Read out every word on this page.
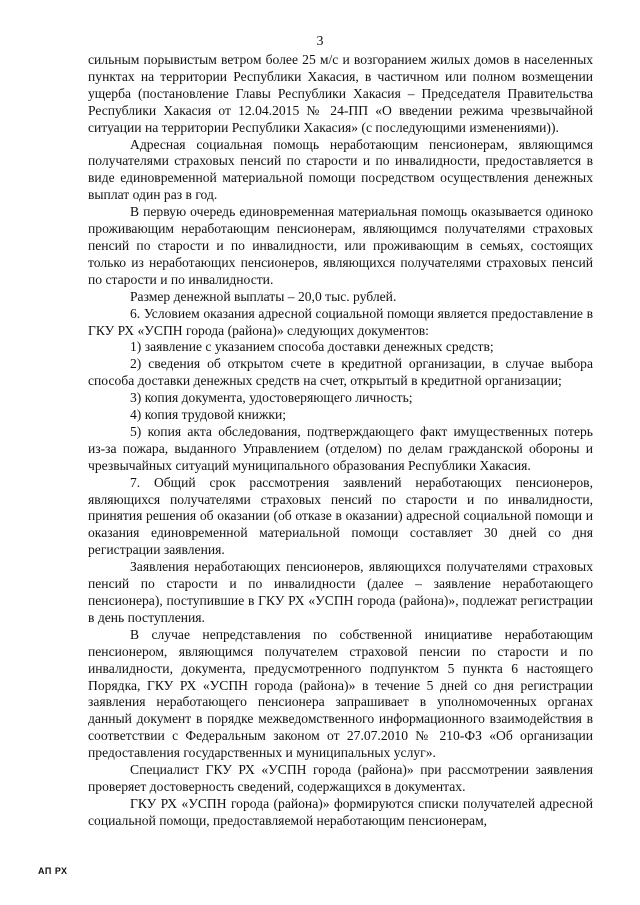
3

сильным порывистым ветром более 25 м/с и возгоранием жилых домов в населенных пунктах на территории Республики Хакасия, в частичном или полном возмещении ущерба (постановление Главы Республики Хакасия – Председателя Правительства Республики Хакасия от 12.04.2015 № 24-ПП «О введении режима чрезвычайной ситуации на территории Республики Хакасия» (с последующими изменениями)).

Адресная социальная помощь неработающим пенсионерам, являющимся получателями страховых пенсий по старости и по инвалидности, предоставляется в виде единовременной материальной помощи посредством осуществления денежных выплат один раз в год.

В первую очередь единовременная материальная помощь оказывается одиноко проживающим неработающим пенсионерам, являющимся получателями страховых пенсий по старости и по инвалидности, или проживающим в семьях, состоящих только из неработающих пенсионеров, являющихся получателями страховых пенсий по старости и по инвалидности.

Размер денежной выплаты – 20,0 тыс. рублей.

6. Условием оказания адресной социальной помощи является предоставление в ГКУ РХ «УСПН города (района)» следующих документов:

1) заявление с указанием способа доставки денежных средств;

2) сведения об открытом счете в кредитной организации, в случае выбора способа доставки денежных средств на счет, открытый в кредитной организации;

3) копия документа, удостоверяющего личность;

4) копия трудовой книжки;

5) копия акта обследования, подтверждающего факт имущественных потерь из-за пожара, выданного Управлением (отделом) по делам гражданской обороны и чрезвычайных ситуаций муниципального образования Республики Хакасия.

7. Общий срок рассмотрения заявлений неработающих пенсионеров, являющихся получателями страховых пенсий по старости и по инвалидности, принятия решения об оказании (об отказе в оказании) адресной социальной помощи и оказания единовременной материальной помощи составляет 30 дней со дня регистрации заявления.

Заявления неработающих пенсионеров, являющихся получателями страховых пенсий по старости и по инвалидности (далее – заявление неработающего пенсионера), поступившие в ГКУ РХ «УСПН города (района)», подлежат регистрации в день поступления.

В случае непредставления по собственной инициативе неработающим пенсионером, являющимся получателем страховой пенсии по старости и по инвалидности, документа, предусмотренного подпунктом 5 пункта 6 настоящего Порядка, ГКУ РХ «УСПН города (района)» в течение 5 дней со дня регистрации заявления неработающего пенсионера запрашивает в уполномоченных органах данный документ в порядке межведомственного информационного взаимодействия в соответствии с Федеральным законом от 27.07.2010 № 210-ФЗ «Об организации предоставления государственных и муниципальных услуг».

Специалист ГКУ РХ «УСПН города (района)» при рассмотрении заявления проверяет достоверность сведений, содержащихся в документах.

ГКУ РХ «УСПН города (района)» формируются списки получателей адресной социальной помощи, предоставляемой неработающим пенсионерам,

АП РХ
